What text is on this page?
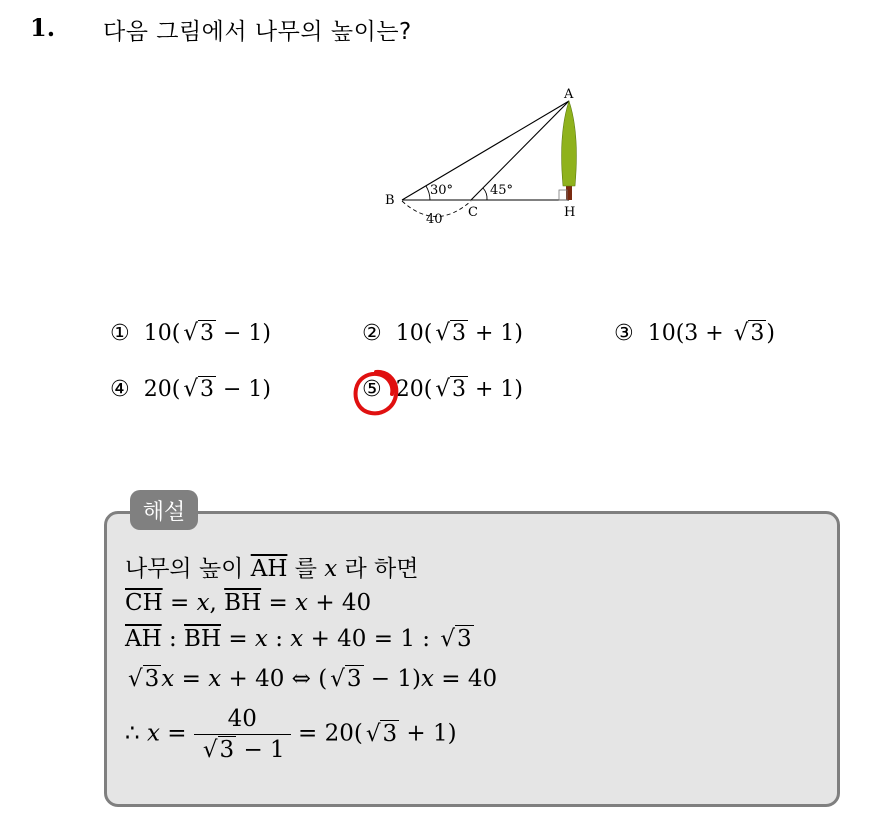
1. 다음 그림에서 나무의 높이는?
A
B
C	H
30°	45°
40
① 10( √3 − 1)	② 10( √3 + 1)	③ 10(3 + √3)
④ 20( √3 − 1)	⑤ 20( √3 + 1)
해설
나무의 높이 $\overline{AH}$ 를 x 라 하면
$\overline{CH} = x$, $\overline{BH} = x + 40$
$\overline{AH}$ : $\overline{BH} = x$ : x + 40 = 1 : √3
√3x = x + 40 ⇔ ( √3 − 1)x = 40
∴ $x = \frac{40}{√3 - 1} = 20$( √3 + 1)
